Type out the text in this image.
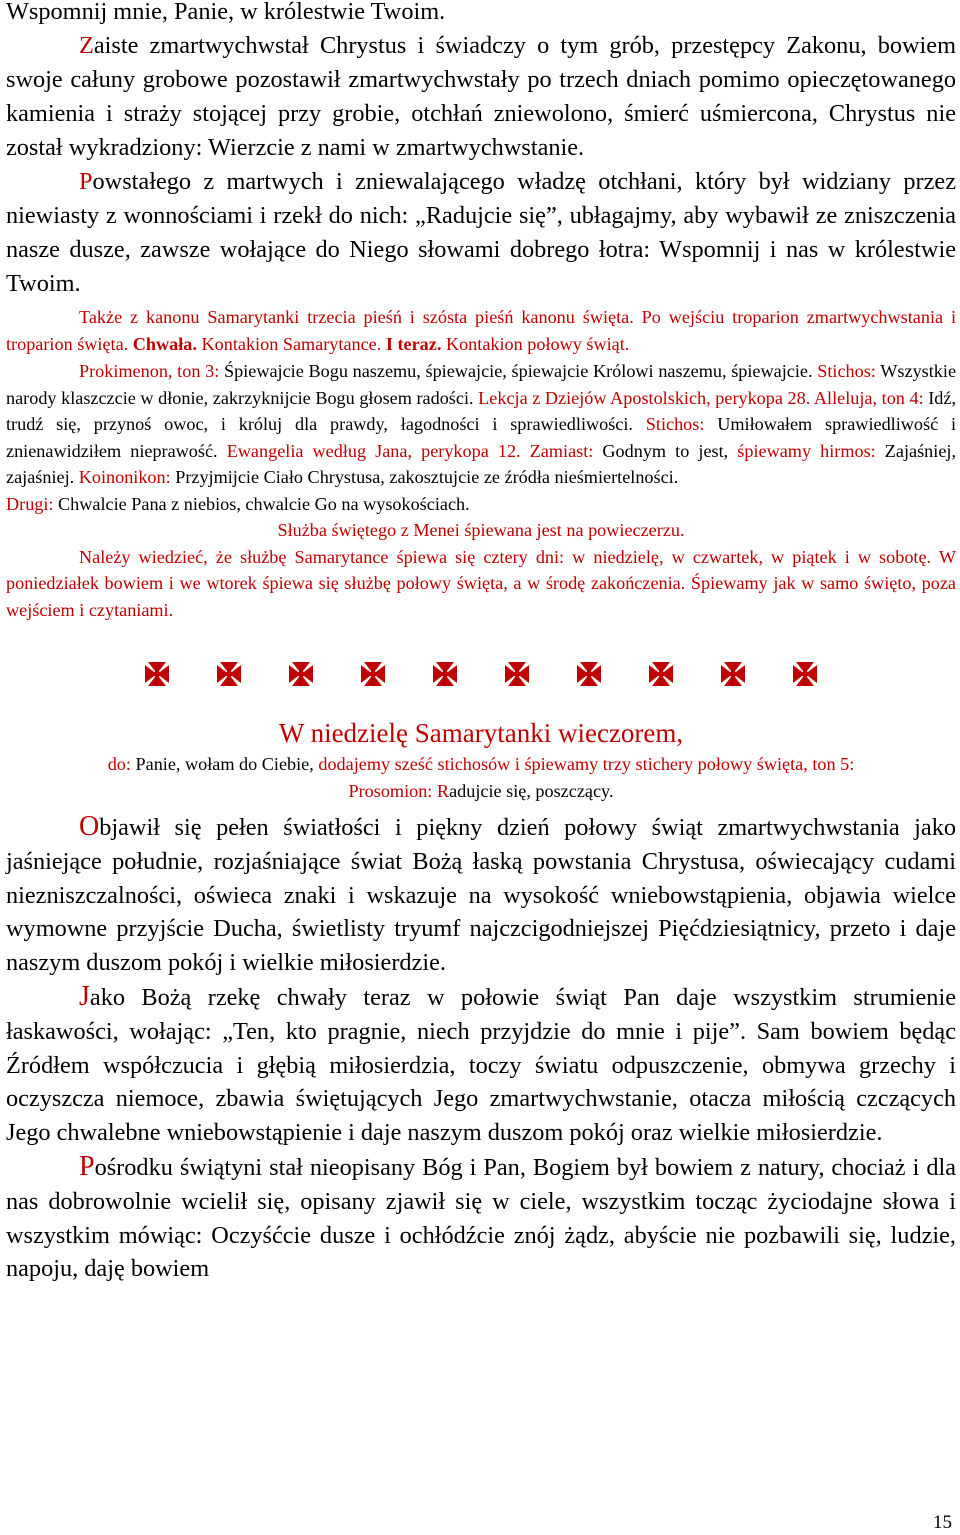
Wspomnij mnie, Panie, w królestwie Twoim.

Zaiste zmartwychwstał Chrystus i świadczy o tym grób, przestępcy Zakonu, bowiem swoje całuny grobowe pozostawił zmartwychwstały po trzech dniach pomimo opieczętowanego kamienia i straży stojącej przy grobie, otchłań zniewolono, śmierć uśmiercona, Chrystus nie został wykradziony: Wierzcie z nami w zmartwychwstanie.

Powstałego z martwych i zniewalającego władzę otchłani, który był widziany przez niewiasty z wonnościami i rzekł do nich: „Radujcie się”, ubłagajmy, aby wybawił ze zniszczenia nasze dusze, zawsze wołające do Niego słowami dobrego łotra: Wspomnij i nas w królestwie Twoim.

Także z kanonu Samarytanki trzecia pieśń i szósta pieśń kanonu święta. Po wejściu troparion zmartwychwstania i troparion święta. Chwała. Kontakion Samarytance. I teraz. Kontakion połowy świąt.

Prokimenon, ton 3: Śpiewajcie Bogu naszemu, śpiewajcie, śpiewajcie Królowi naszemu, śpiewajcie. Stichos: Wszystkie narody klaszczcie w dłonie, zakrzyknijcie Bogu głosem radości. Lekcja z Dziejów Apostolskich, perykopa 28. Alleluja, ton 4: Idź, trudź się, przynoś owoc, i króluj dla prawdy, łagodności i sprawiedliwości. Stichos: Umiłowałem sprawiedliwość i znienawidziłem nieprawość. Ewangelia według Jana, perykopa 12. Zamiast: Godnym to jest, śpiewamy hirmos: Zajaśniej, zajaśniej. Koinonikon: Przyjmijcie Ciało Chrystusa, zakosztujcie ze źródła nieśmiertelności.
Drugi: Chwalcie Pana z niebios, chwalcie Go na wysokościach.

Służba świętego z Menei śpiewana jest na powieczerzu.

Należy wiedzieć, że służbę Samarytance śpiewa się cztery dni: w niedzielę, w czwartek, w piątek i w sobotę. W poniedziałek bowiem i we wtorek śpiewa się służbę połowy święta, a w środę zakończenia. Śpiewamy jak w samo święto, poza wejściem i czytaniami.

W niedzielę Samarytanki wieczorem,

do: Panie, wołam do Ciebie, dodajemy sześć stichosów i śpiewamy trzy stichery połowy święta, ton 5:

Prosomion: Radujcie się, poszczący.

Objawił się pełen światłości i piękny dzień połowy świąt zmartwychwstania jako jaśniejące południe, rozjaśniające świat Bożą łaską powstania Chrystusa, oświecający cudami niezniszczalności, oświeca znaki i wskazuje na wysokość wniebowstąpienia, objawia wielce wymowne przyjście Ducha, świetlisty tryumf najczcigodniejszej Pięćdziesiątnicy, przeto i daje naszym duszom pokój i wielkie miłosierdzie.

Jako Bożą rzekę chwały teraz w połowie świąt Pan daje wszystkim strumienie łaskawości, wołając: „Ten, kto pragnie, niech przyjdzie do mnie i pije”. Sam bowiem będąc Źródłem współczucia i głębią miłosierdzia, toczy światu odpuszczenie, obmywa grzechy i oczyszcza niemoce, zbawia świętujących Jego zmartwychwstanie, otacza miłością czczących Jego chwalebne wniebowstąpienie i daje naszym duszom pokój oraz wielkie miłosierdzie.

Pośrodku świątyni stał nieopisany Bóg i Pan, Bogiem był bowiem z natury, chociaż i dla nas dobrowolnie wcielił się, opisany zjawił się w ciele, wszystkim tocząc życiodajne słowa i wszystkim mówiąc: Oczyśćcie dusze i ochłódźcie znój żądz, abyście nie pozbawili się, ludzie, napoju, daję bowiem

15
